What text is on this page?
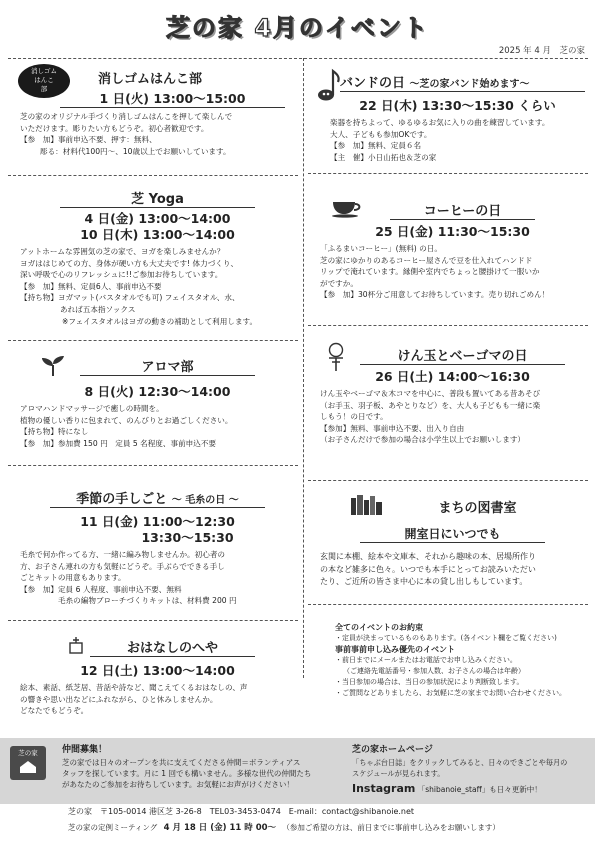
芝の家 4月のイベント
2025 年 4 月　芝の家
消しゴム
はんこ
部
消しゴムはんこ部
1 日(火) 13:00～15:00

芝の家のオリジナル手づくり消しゴムはんこを押して楽しんで

いただけます。彫りたい方もどうぞ。初心者歓迎です。

【参　加】事前申込不要、押す：無料、

彫る：材料代100円～、10歳以上でお願いしています。

芝 Yoga
4 日(金) 13:00～14:00
10 日(木) 13:00～14:00

アットホームな雰囲気の芝の家で、ヨガを楽しみませんか？

ヨガははじめての方、身体が硬い方も大丈夫です! 体力づくり、

深い呼吸で心のリフレッシュに!!ご参加お待ちしています。

【参　加】無料、定員6人、事前申込不要

【持ち物】ヨガマット(バスタオルでも可) フェイスタオル、水、

あれば五本指ソックス

※フェイスタオルはヨガの動きの補助として利用します。

アロマ部
8 日(火) 12:30～14:00

アロマハンドマッサージで癒しの時間を。

植物の優しい香りに包まれて、のんびりとお過ごしください。

【持ち物】特になし

【参　加】参加費 150 円　定員 5 名程度、事前申込不要

季節の手しごと ～ 毛糸の日 ～
11 日(金) 11:00～12:30
13:30～15:30

毛糸で何か作ってる方、一緒に編み物しませんか。初心者の

方、お子さん連れの方も気軽にどうぞ。手ぶらでできる手し

ごとキットの用意もあります。

【参　加】定員 6 人程度、事前申込不要、無料

毛糸の編物ブローチづくりキットは、材料費 200 円

おはなしのへや
12 日(土) 13:00～14:00

絵本、素話、紙芝居、昔話や詩など、聞こえてくるおはなしの、声

の響きや思い出などにふれながら、ひと休みしませんか。

どなたでもどうぞ。

バンドの日 ～芝の家バンド始めます～
22 日(木) 13:30～15:30 くらい

楽器を持ちよって、ゆるゆるお気に入りの曲を練習しています。

大人、子どもも参加OKです。

【参　加】無料、定員６名

【主　催】小日山拓也＆芝の家

コーヒーの日
25 日(金) 11:30～15:30

「ふるまいコーヒー」(無料) の日。

芝の家にゆかりのあるコーヒー屋さんで豆を仕入れてハンドド

リップで淹れています。縁側や室内でちょっと腰掛けて一服いか

がですか。

【参　加】30杯分ご用意してお待ちしています。売り切れごめん！

けん玉とベーゴマの日
26 日(土) 14:00～16:30

けん玉やベーゴマ＆木コマを中心に、普段も置いてある昔あそび

（お手玉、羽子板、あやとりなど）を、大人も子どもも一緒に楽

しもう！の日です。

【参加】無料、事前申込不要、出入り自由

（お子さんだけで参加の場合は小学生以上でお願いします）

まちの図書室
開室日にいつでも

玄関に本棚、絵本や文庫本、それから趣味の本、居場所作り

の本など雑多に色々。いつでも本手にとってお読みいただい

たり、ご近所の皆さま中心に本の貸し出しもしています。

全てのイベントのお約束
・定員が決まっているものもあります。(各イベント欄をご覧ください)
事前事前申し込み優先のイベント
・前日までにメールまたはお電話でお申し込みください。
（ご連絡先電話番号・参加人数、お子さんの場合は年齢）
・当日参加の場合は、当日の参加状況により判断致します。
・ご質問などありましたら、お気軽に芝の家までお問い合わせください。
芝の家	仲間募集！
芝の家では日々のオープンを共に支えてくださる仲間＝ボランティアス
タッフを探しています。月に 1 回でも構いません。多様な世代の仲間たち
があなたのご参加をお待ちしています。お気軽にお声がけください！
芝の家ホームページ
「ちゃぶ台日誌」をクリックしてみると、日々のできごとや毎月の
スケジュールが見られます。
Instagram 「shibanoie_staff」も日々更新中！
芝の家　〒105-0014 港区芝 3-26-8　TEL03-3453-0474　E-mail：contact@shibanoie.net
芝の家の定例ミーティング 4 月 18 日 (金) 11 時 00～ （参加ご希望の方は、前日までに事前申し込みをお願いします）
